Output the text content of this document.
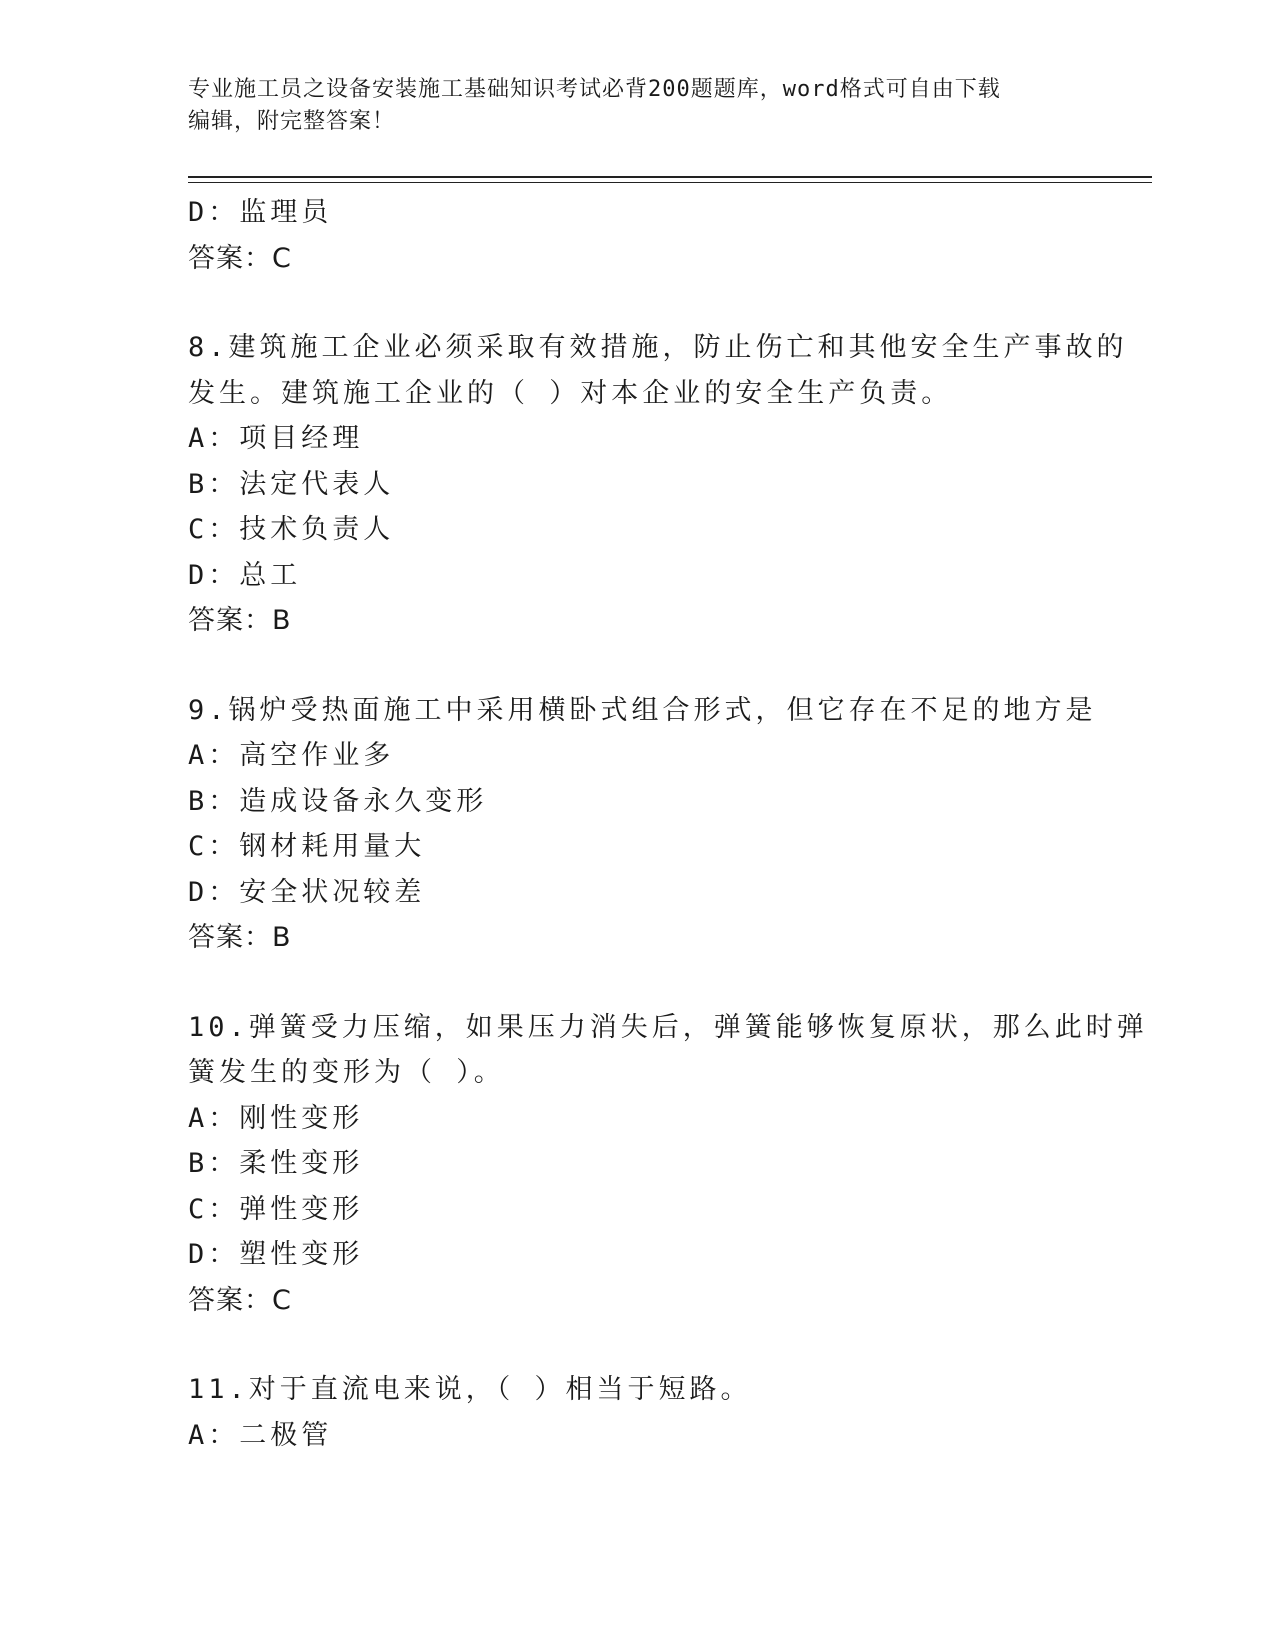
专业施工员之设备安装施工基础知识考试必背200题题库，word格式可自由下载
编辑，附完整答案！
D：监理员
答案：C
8.建筑施工企业必须采取有效措施，防止伤亡和其他安全生产事故的
发生。建筑施工企业的（ ）对本企业的安全生产负责。
A：项目经理
B：法定代表人
C：技术负责人
D：总工
答案：B
9.锅炉受热面施工中采用横卧式组合形式，但它存在不足的地方是
A：高空作业多
B：造成设备永久变形
C：钢材耗用量大
D：安全状况较差
答案：B
10.弹簧受力压缩，如果压力消失后，弹簧能够恢复原状，那么此时弹
簧发生的变形为（ ）。
A：刚性变形
B：柔性变形
C：弹性变形
D：塑性变形
答案：C
11.对于直流电来说，（ ）相当于短路。
A：二极管
